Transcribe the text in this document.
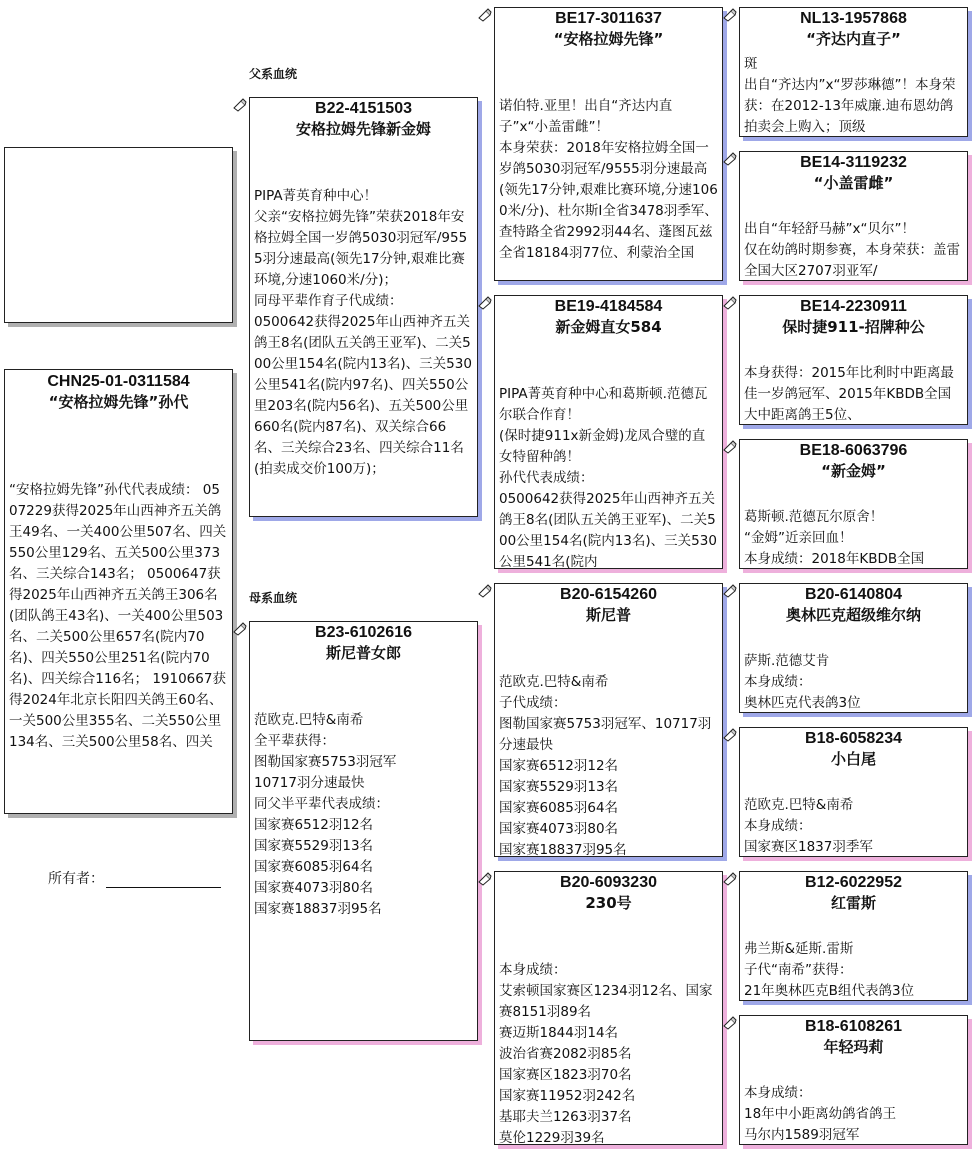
CHN25-01-0311584
“安格拉姆先锋”孙代
“安格拉姆先锋”孙代代表成绩： 0507229获得2025年山西神齐五关鸽王49名、一关400公里507名、四关550公里129名、五关500公里373名、三关综合143名； 0500647获得2025年山西神齐五关鸽王306名(团队鸽王43名)、一关400公里503名、二关500公里657名(院内70名)、四关550公里251名(院内70名)、四关综合116名； 1910667获得2024年北京长阳四关鸽王60名、一关500公里355名、二关550公里134名、三关500公里58名、四关
所有者：
父系血统
母系血统
B22-4151503
安格拉姆先锋新金姆
PIPA菁英育种中心！
父亲“安格拉姆先锋”荣获2018年安格拉姆全国一岁鸽5030羽冠军/9555羽分速最高(领先17分钟,艰难比赛环境,分速1060米/分)；
同母平辈作育子代成绩：
0500642获得2025年山西神齐五关鸽王8名(团队五关鸽王亚军)、二关500公里154名(院内13名)、三关530公里541名(院内97名)、四关550公里203名(院内56名)、五关500公里660名(院内87名)、双关综合66名、三关综合23名、四关综合11名(拍卖成交价100万)；
B23-6102616
斯尼普女郎
范欧克.巴特&南希
全平辈获得：
图勒国家赛5753羽冠军
10717羽分速最快
同父半平辈代表成绩：
国家赛6512羽12名
国家赛5529羽13名
国家赛6085羽64名
国家赛4073羽80名
国家赛18837羽95名
BE17-3011637
“安格拉姆先锋”
诺伯特.亚里！出自“齐达内直子”x“小盖雷雌”！
本身荣获：2018年安格拉姆全国一岁鸽5030羽冠军/9555羽分速最高(领先17分钟,艰难比赛环境,分速1060米/分)、杜尔斯I全省3478羽季军、查特路全省2992羽44名、蓬图瓦兹全省18184羽77位、利蒙治全国
BE19-4184584
新金姆直女584
PIPA菁英育种中心和葛斯顿.范德瓦尔联合作育！
(保时捷911x新金姆)龙凤合璧的直女特留种鸽！
孙代代表成绩：
0500642获得2025年山西神齐五关鸽王8名(团队五关鸽王亚军)、二关500公里154名(院内13名)、三关530公里541名(院内
B20-6154260
斯尼普
范欧克.巴特&南希
子代成绩：
图勒国家赛5753羽冠军、10717羽分速最快
国家赛6512羽12名
国家赛5529羽13名
国家赛6085羽64名
国家赛4073羽80名
国家赛18837羽95名
B20-6093230
230号
本身成绩：
艾索顿国家赛区1234羽12名、国家赛8151羽89名
赛迈斯1844羽14名
波治省赛2082羽85名
国家赛区1823羽70名
国家赛11952羽242名
基耶夫兰1263羽37名
莫伦1229羽39名
NL13-1957868
“齐达内直子”
斑
出自“齐达内”x“罗莎琳德”！本身荣获：在2012-13年威廉.迪布恩幼鸽拍卖会上购入；顶级
BE14-3119232
“小盖雷雌”
出自“年轻舒马赫”x“贝尔”！
仅在幼鸽时期参赛，本身荣获：盖雷全国大区2707羽亚军/
BE14-2230911
保时捷911-招牌种公
本身获得：2015年比利时中距离最佳一岁鸽冠军、2015年KBDB全国大中距离鸽王5位、
BE18-6063796
“新金姆”
葛斯顿.范德瓦尔原舍！
“金姆”近亲回血！
本身成绩：2018年KBDB全国
B20-6140804
奥林匹克超级维尔纳
萨斯.范德艾肯
本身成绩：
奥林匹克代表鸽3位
B18-6058234
小白尾
范欧克.巴特&南希
本身成绩：
国家赛区1837羽季军
B12-6022952
红雷斯
弗兰斯&延斯.雷斯
子代“南希”获得：
21年奥林匹克B组代表鸽3位
B18-6108261
年轻玛莉
本身成绩：
18年中小距离幼鸽省鸽王
马尔内1589羽冠军
